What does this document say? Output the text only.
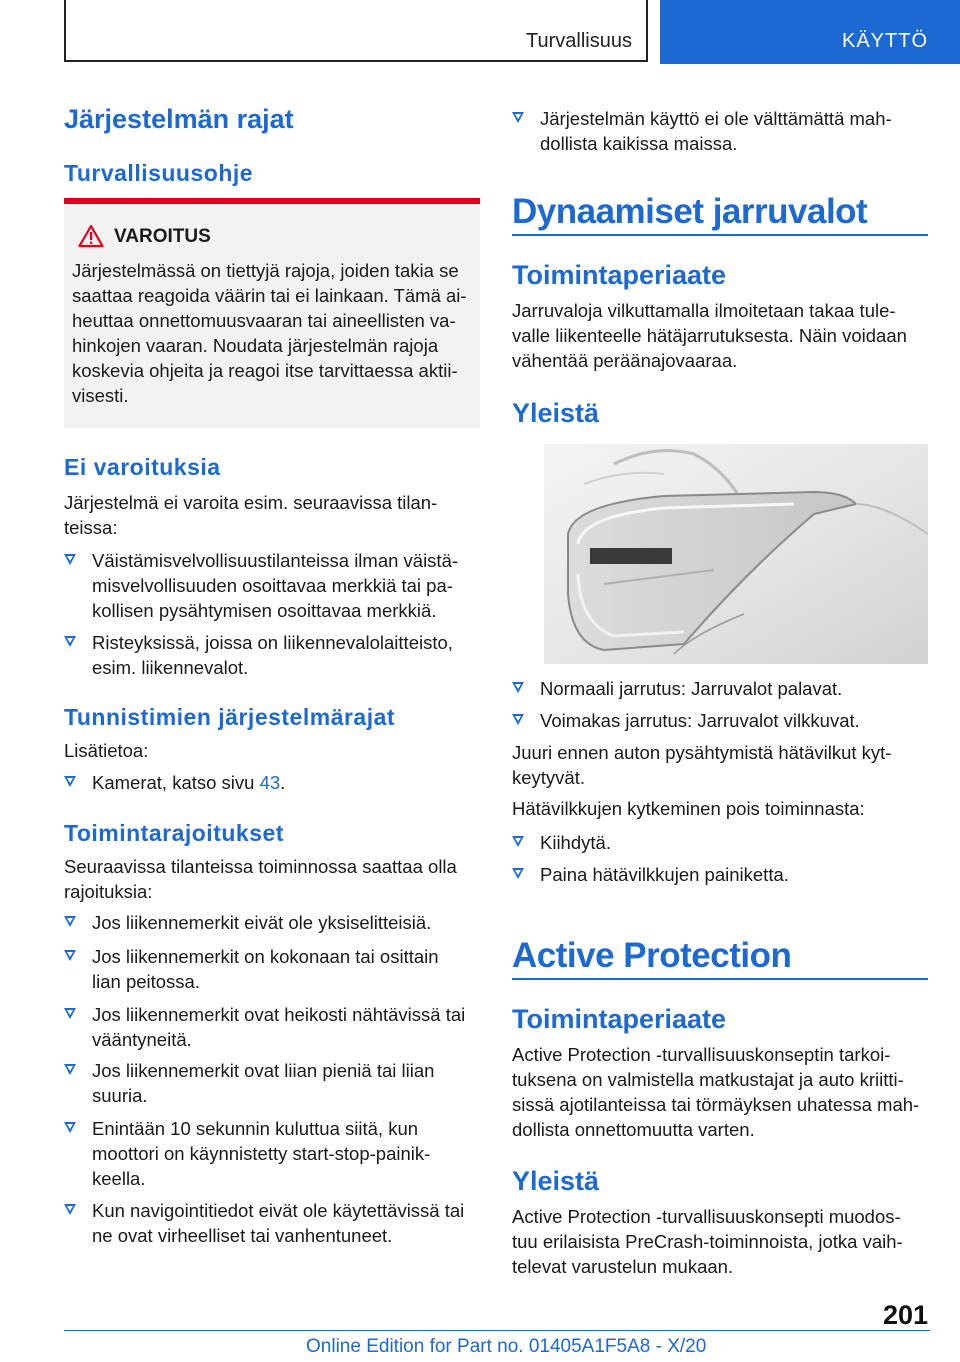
Turvallisuus	KÄYTTÖ
Järjestelmän rajat
Turvallisuusohje
VAROITUS
Järjestelmässä on tiettyjä rajoja, joiden takia se
saattaa reagoida väärin tai ei lainkaan. Tämä ai-
heuttaa onnettomuusvaaran tai aineellisten va-
hinkojen vaaran. Noudata järjestelmän rajoja
koskevia ohjeita ja reagoi itse tarvittaessa aktii-
visesti.
Ei varoituksia
Järjestelmä ei varoita esim. seuraavissa tilan-
teissa:
Väistämisvelvollisuustilanteissa ilman väistä-
misvelvollisuuden osoittavaa merkkiä tai pa-
kollisen pysähtymisen osoittavaa merkkiä.
Risteyksissä, joissa on liikennevalolaitteisto,
esim. liikennevalot.
Tunnistimien järjestelmärajat
Lisätietoa:
Kamerat, katso sivu 43.
Toimintarajoitukset
Seuraavissa tilanteissa toiminnossa saattaa olla
rajoituksia:
Jos liikennemerkit eivät ole yksiselitteisiä.
Jos liikennemerkit on kokonaan tai osittain
lian peitossa.
Jos liikennemerkit ovat heikosti nähtävissä tai
vääntyneitä.
Jos liikennemerkit ovat liian pieniä tai liian
suuria.
Enintään 10 sekunnin kuluttua siitä, kun
moottori on käynnistetty start-stop-painik-
keella.
Kun navigointitiedot eivät ole käytettävissä tai
ne ovat virheelliset tai vanhentuneet.
Järjestelmän käyttö ei ole välttämättä mah-
dollista kaikissa maissa.
Dynaamiset jarruvalot
Toimintaperiaate
Jarruvaloja vilkuttamalla ilmoitetaan takaa tule-
valle liikenteelle hätäjarrutuksesta. Näin voidaan
vähentää peräänajovaaraa.
Yleistä
Normaali jarrutus: Jarruvalot palavat.
Voimakas jarrutus: Jarruvalot vilkkuvat.
Juuri ennen auton pysähtymistä hätävilkut kyt-
keytyvät.
Hätävilkkujen kytkeminen pois toiminnasta:
Kiihdytä.
Paina hätävilkkujen painiketta.
Active Protection
Toimintaperiaate
Active Protection -turvallisuuskonseptin tarkoi-
tuksena on valmistella matkustajat ja auto kriitti-
sissä ajotilanteissa tai törmäyksen uhatessa mah-
dollista onnettomuutta varten.
Yleistä
Active Protection -turvallisuuskonsepti muodos-
tuu erilaisista PreCrash-toiminnoista, jotka vaih-
televat varustelun mukaan.
201
Online Edition for Part no. 01405A1F5A8 - X/20
